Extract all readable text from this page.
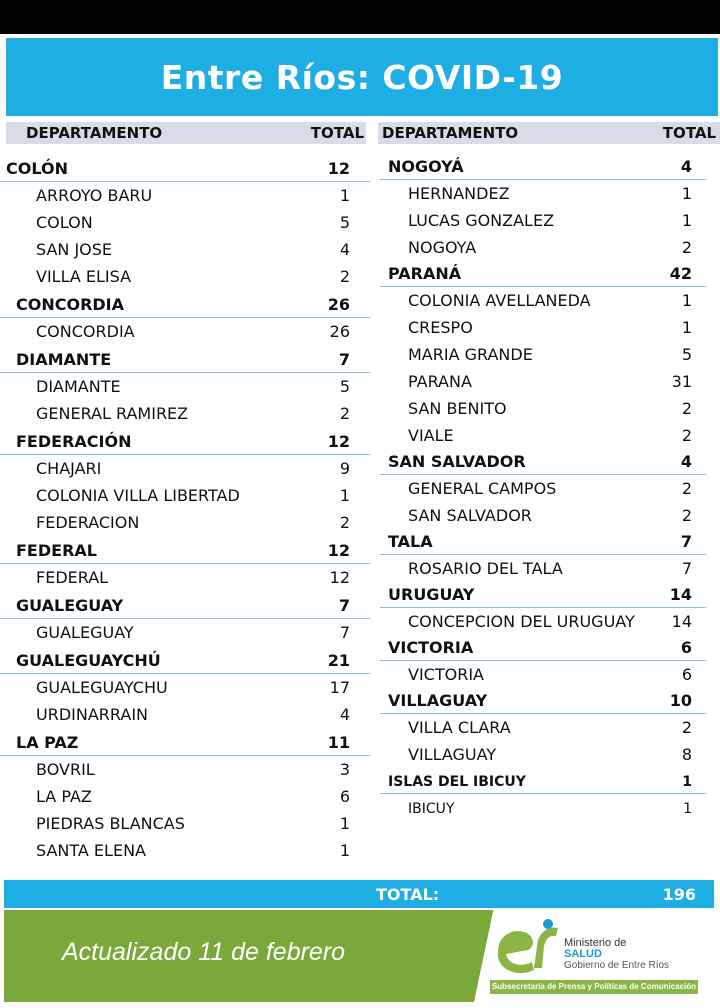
Entre Ríos: COVID-19
DEPARTAMENTO	TOTAL DEPARTAMENTO	TOTAL
COLÓN	12
ARROYO BARU	1
COLON	5
SAN JOSE	4
VILLA ELISA	2
CONCORDIA	26
CONCORDIA	26
DIAMANTE	7
DIAMANTE	5
GENERAL RAMIREZ	2
FEDERACIÓN	12
CHAJARI	9
COLONIA VILLA LIBERTAD	1
FEDERACION	2
FEDERAL	12
FEDERAL	12
GUALEGUAY	7
GUALEGUAY	7
GUALEGUAYCHÚ	21
GUALEGUAYCHU	17
URDINARRAIN	4
LA PAZ	11
BOVRIL	3
LA PAZ	6
PIEDRAS BLANCAS	1
SANTA ELENA	1
NOGOYÁ	4
HERNANDEZ	1
LUCAS GONZALEZ	1
NOGOYA	2
PARANÁ	42
COLONIA AVELLANEDA	1
CRESPO	1
MARIA GRANDE	5
PARANA	31
SAN BENITO	2
VIALE	2
SAN SALVADOR	4
GENERAL CAMPOS	2
SAN SALVADOR	2
TALA	7
ROSARIO DEL TALA	7
URUGUAY	14
CONCEPCION DEL URUGUAY 14
VICTORIA	6
VICTORIA	6
VILLAGUAY	10
VILLA CLARA	2
VILLAGUAY	8
ISLAS DEL IBICUY	1
IBICUY	1
TOTAL:	196
Actualizado 11 de febrero	Ministerio de
SALUD
Gobierno de Entre Ríos
Subsecretaría de Prensa y Políticas de Comunicación
